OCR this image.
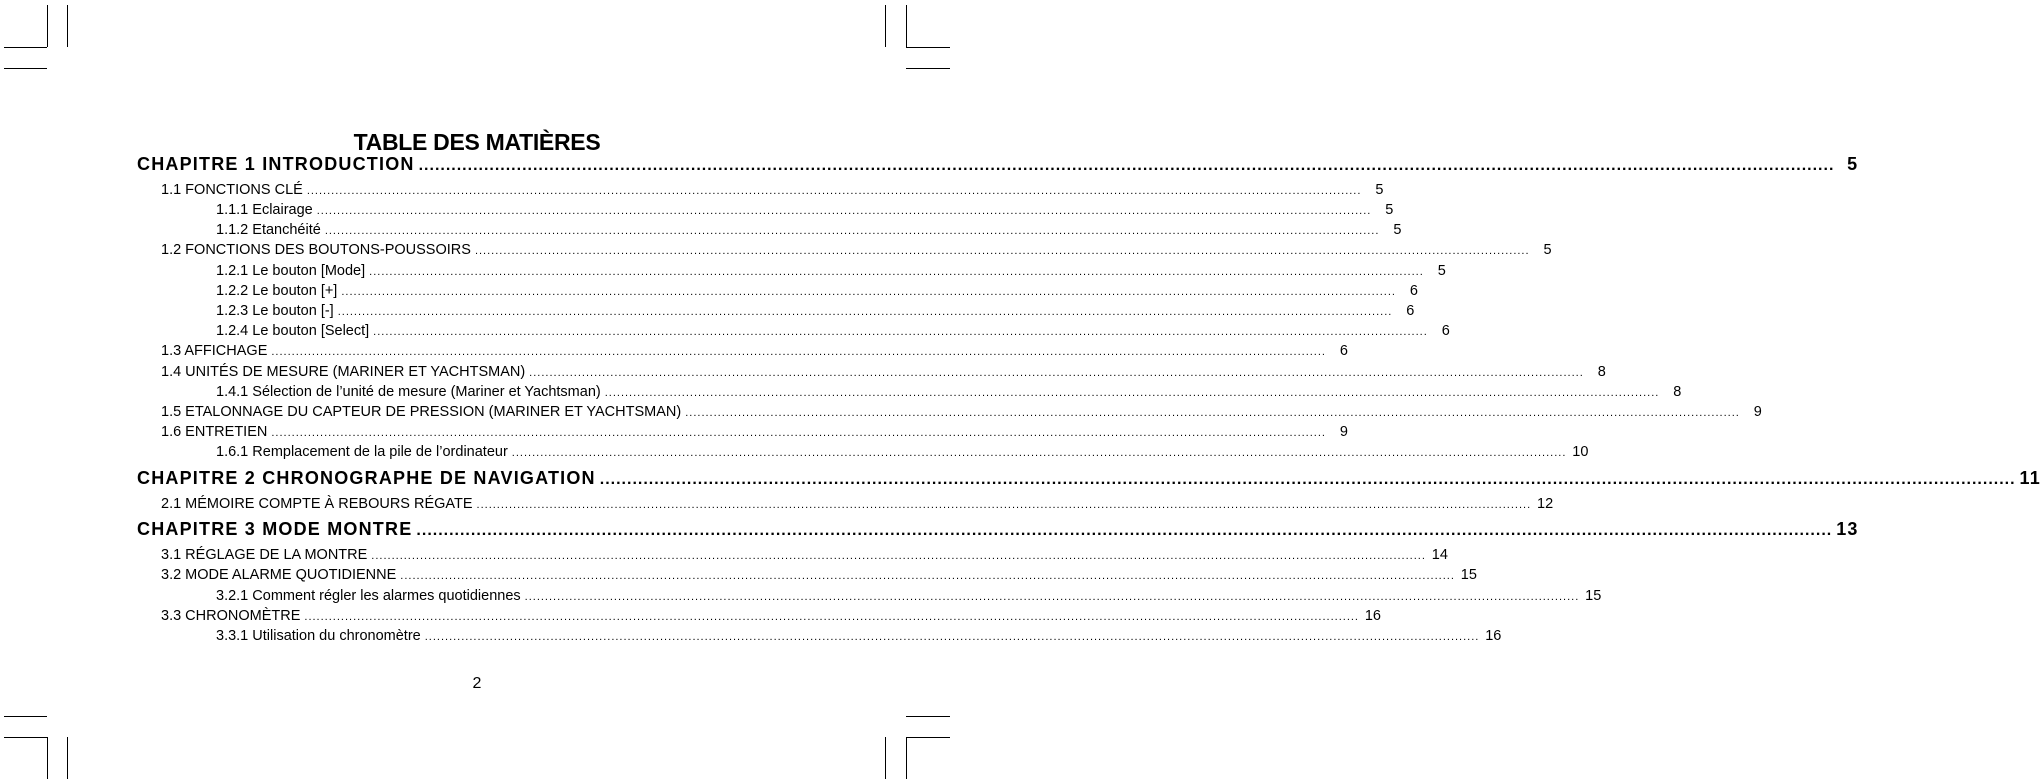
TABLE DES MATIÈRES
CHAPITRE 1 INTRODUCTION .................................................................................................................................................................................................................................................................... 5
1.1 FONCTIONS CLÉ .................................................................................................................................................................................................................................................................... 5
1.1.1 Eclairage .................................................................................................................................................................................................................................................................... 5
1.1.2 Etanchéité .................................................................................................................................................................................................................................................................... 5
1.2 FONCTIONS DES BOUTONS-POUSSOIRS .................................................................................................................................................................................................................................................................... 5
1.2.1 Le bouton [Mode] .................................................................................................................................................................................................................................................................... 5
1.2.2 Le bouton [+] .................................................................................................................................................................................................................................................................... 6
1.2.3 Le bouton [-] .................................................................................................................................................................................................................................................................... 6
1.2.4 Le bouton [Select] .................................................................................................................................................................................................................................................................... 6
1.3 AFFICHAGE .................................................................................................................................................................................................................................................................... 6
1.4 UNITÉS DE MESURE (MARINER ET YACHTSMAN) .................................................................................................................................................................................................................................................................... 8
1.4.1 Sélection de l’unité de mesure (Mariner et Yachtsman) .................................................................................................................................................................................................................................................................... 8
1.5 ETALONNAGE DU CAPTEUR DE PRESSION (MARINER ET YACHTSMAN) .................................................................................................................................................................................................................................................................... 9
1.6 ENTRETIEN .................................................................................................................................................................................................................................................................... 9
1.6.1 Remplacement de la pile de l’ordinateur .................................................................................................................................................................................................................................................................... 10
CHAPITRE 2 CHRONOGRAPHE DE NAVIGATION .................................................................................................................................................................................................................................................................... 11
2.1 MÉMOIRE COMPTE À REBOURS RÉGATE .................................................................................................................................................................................................................................................................... 12
CHAPITRE 3 MODE MONTRE .................................................................................................................................................................................................................................................................... 13
3.1 RÉGLAGE DE LA MONTRE .................................................................................................................................................................................................................................................................... 14
3.2 MODE ALARME QUOTIDIENNE .................................................................................................................................................................................................................................................................... 15
3.2.1 Comment régler les alarmes quotidiennes .................................................................................................................................................................................................................................................................... 15
3.3 CHRONOMÈTRE .................................................................................................................................................................................................................................................................... 16
3.3.1 Utilisation du chronomètre .................................................................................................................................................................................................................................................................... 16
2
